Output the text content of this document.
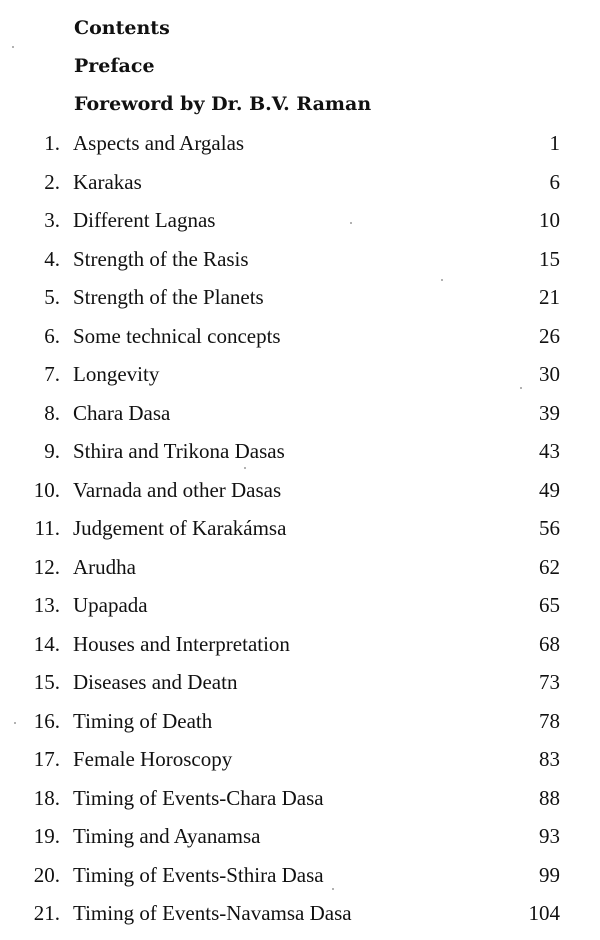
Contents
Preface
Foreword by Dr. B.V. Raman
1. Aspects and Argalas	1
2. Karakas	6
3. Different Lagnas	10
4. Strength of the Rasis	15
5. Strength of the Planets	21
6. Some technical concepts	26
7. Longevity	30
8. Chara Dasa	39
9. Sthira and Trikona Dasas	43
10. Varnada and other Dasas	49
11. Judgement of Karakámsa	56
12. Arudha	62
13. Upapada	65
14. Houses and Interpretation	68
15. Diseases and Deatn	73
16. Timing of Death	78
17. Female Horoscopy	83
18. Timing of Events-Chara Dasa	88
19. Timing and Ayanamsa	93
20. Timing of Events-Sthira Dasa	99
21. Timing of Events-Navamsa Dasa	104
